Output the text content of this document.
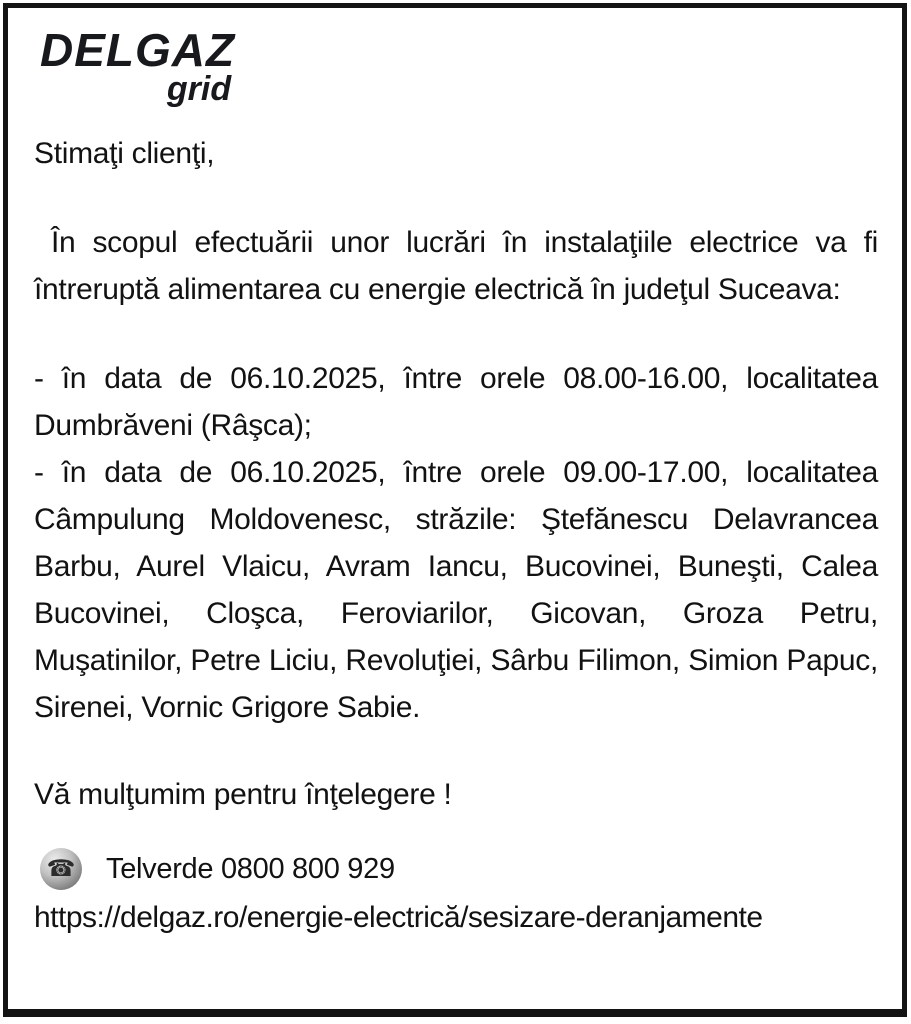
DELGAZ
grid

Stimaţi clienţi,

În scopul efectuării unor lucrări în instalaţiile electrice va fi întreruptă alimentarea cu energie electrică în judeţul Suceava:

- în data de 06.10.2025, între orele 08.00-16.00, localitatea Dumbrăveni (Râşca);

- în data de 06.10.2025, între orele 09.00-17.00, localitatea Câmpulung Moldovenesc, străzile: Ştefănescu Delavrancea Barbu, Aurel Vlaicu, Avram Iancu, Bucovinei, Buneşti, Calea Bucovinei, Cloşca, Feroviarilor, Gicovan, Groza Petru, Muşatinilor, Petre Liciu, Revoluţiei, Sârbu Filimon, Simion Papuc, Sirenei, Vornic Grigore Sabie.

Vă mulţumim pentru înţelegere !

☎ Telverde 0800 800 929

https://delgaz.ro/energie-electrică/sesizare-deranjamente
